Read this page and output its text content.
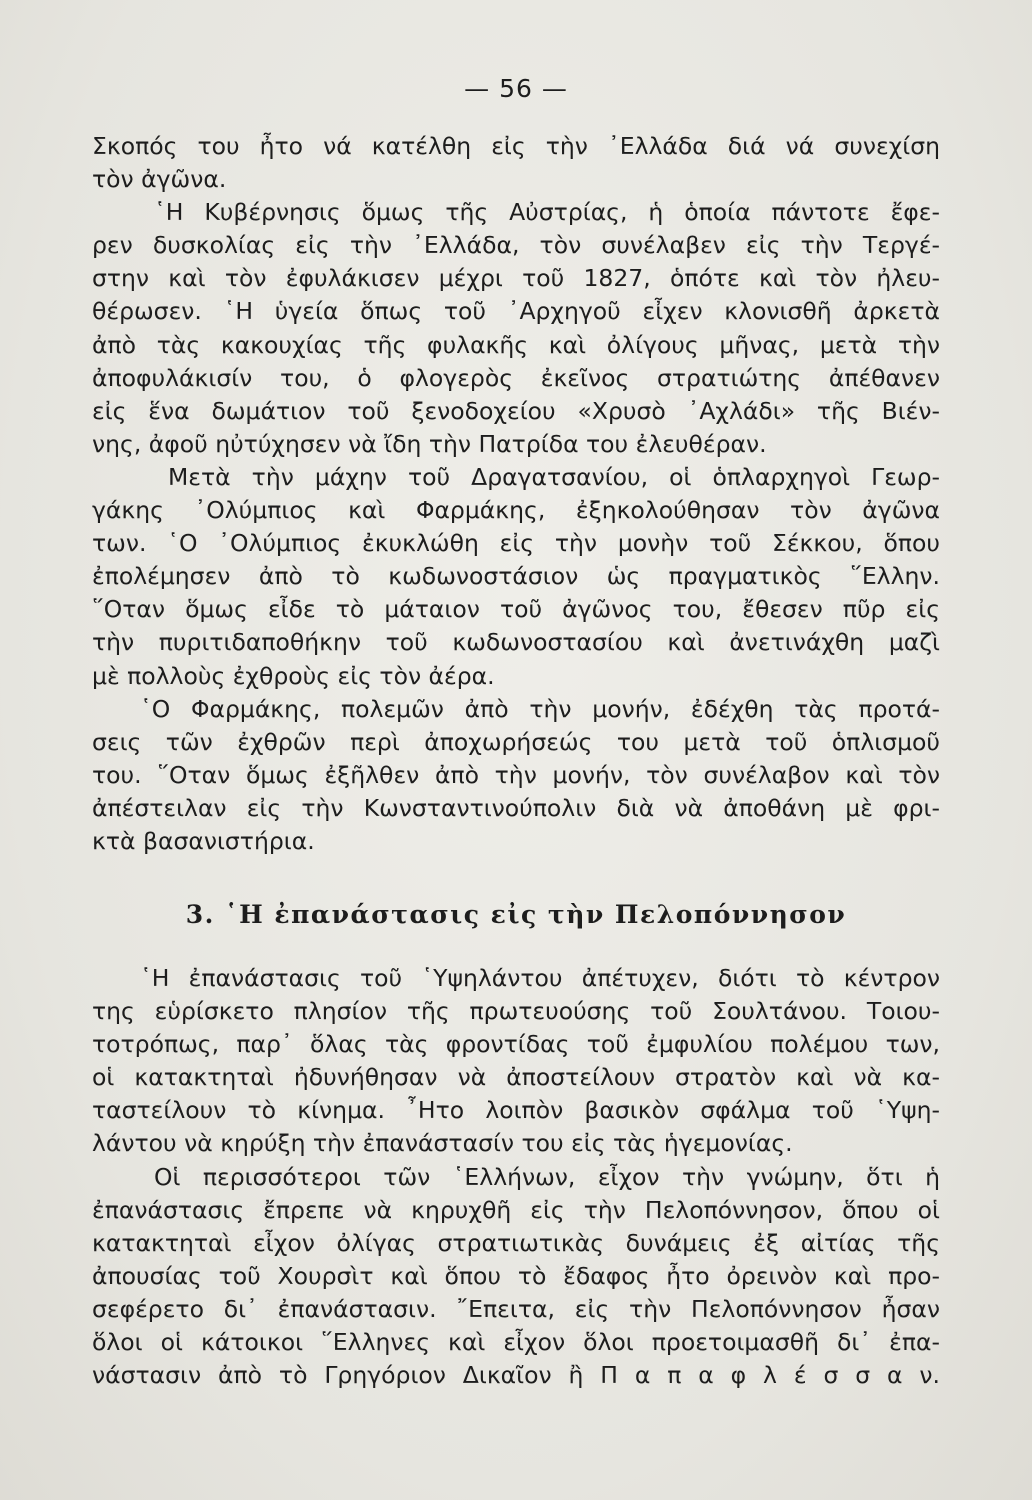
— 56 —
Σκοπός του ἦτο νά κατέλθη εἰς τὴν ᾽Ελλάδα διά νά συνεχίση
τὸν ἀγῶνα.
῾Η Κυβέρνησις ὅμως τῆς Αὐστρίας, ἡ ὁποία πάντοτε ἔφε-
ρεν δυσκολίας εἰς τὴν ᾽Ελλάδα, τὸν συνέλαβεν εἰς τὴν Τεργέ-
στην καὶ τὸν ἐφυλάκισεν μέχρι τοῦ 1827, ὁπότε καὶ τὸν ἠλευ-
θέρωσεν. ῾Η ὑγεία ὅπως τοῦ ᾽Αρχηγοῦ εἶχεν κλονισθῆ ἀρκετὰ
ἀπὸ τὰς κακουχίας τῆς φυλακῆς καὶ ὀλίγους μῆνας, μετὰ τὴν
ἀποφυλάκισίν του, ὁ φλογερὸς ἐκεῖνος στρατιώτης ἀπέθανεν
εἰς ἕνα δωμάτιον τοῦ ξενοδοχείου «Χρυσὸ ᾽Αχλάδι» τῆς Βιέν-
νης, ἀφοῦ ηὐτύχησεν νὰ ἴδη τὴν Πατρίδα του ἐλευθέραν.
Μετὰ τὴν μάχην τοῦ Δραγατσανίου, οἱ ὁπλαρχηγοὶ Γεωρ-
γάκης ᾽Ολύμπιος καὶ Φαρμάκης, ἐξηκολούθησαν τὸν ἀγῶνα
των. ῾Ο ᾽Ολύμπιος ἐκυκλώθη εἰς τὴν μονὴν τοῦ Σέκκου, ὅπου
ἐπολέμησεν ἀπὸ τὸ κωδωνοστάσιον ὡς πραγματικὸς ῞Ελλην.
῞Οταν ὅμως εἶδε τὸ μάταιον τοῦ ἀγῶνος του, ἔθεσεν πῦρ εἰς
τὴν πυριτιδαποθήκην τοῦ κωδωνοστασίου καὶ ἀνετινάχθη μαζὶ
μὲ πολλοὺς ἐχθροὺς εἰς τὸν ἀέρα.
῾Ο Φαρμάκης, πολεμῶν ἀπὸ τὴν μονήν, ἐδέχθη τὰς προτά-
σεις τῶν ἐχθρῶν περὶ ἀποχωρήσεώς του μετὰ τοῦ ὁπλισμοῦ
του. ῞Οταν ὅμως ἐξῆλθεν ἀπὸ τὴν μονήν, τὸν συνέλαβον καὶ τὸν
ἀπέστειλαν εἰς τὴν Κωνσταντινούπολιν διὰ νὰ ἀποθάνη μὲ φρι-
κτὰ βασανιστήρια.
3. ῾Η ἐπανάστασις εἰς τὴν Πελοπόννησον
῾Η ἐπανάστασις τοῦ ῾Υψηλάντου ἀπέτυχεν, διότι τὸ κέντρον
της εὑρίσκετο πλησίον τῆς πρωτευούσης τοῦ Σουλτάνου. Τοιου-
τοτρόπως, παρ᾽ ὅλας τὰς φροντίδας τοῦ ἐμφυλίου πολέμου των,
οἱ κατακτηταὶ ἠδυνήθησαν νὰ ἀποστείλουν στρατὸν καὶ νὰ κα-
ταστείλουν τὸ κίνημα. ῏Ητο λοιπὸν βασικὸν σφάλμα τοῦ ῾Υψη-
λάντου νὰ κηρύξη τὴν ἐπανάστασίν του εἰς τὰς ἡγεμονίας.
Οἱ περισσότεροι τῶν ῾Ελλήνων, εἶχον τὴν γνώμην, ὅτι ἡ
ἐπανάστασις ἔπρεπε νὰ κηρυχθῆ εἰς τὴν Πελοπόννησον, ὅπου οἱ
κατακτηταὶ εἶχον ὀλίγας στρατιωτικὰς δυνάμεις ἐξ αἰτίας τῆς
ἀπουσίας τοῦ Χουρσὶτ καὶ ὅπου τὸ ἔδαφος ἦτο ὀρεινὸν καὶ προ-
σεφέρετο δι᾽ ἐπανάστασιν. ῎Επειτα, εἰς τὴν Πελοπόννησον ἦσαν
ὅλοι οἱ κάτοικοι ῞Ελληνες καὶ εἶχον ὅλοι προετοιμασθῆ δι᾽ ἐπα-
νάστασιν ἀπὸ τὸ Γρηγόριον Δικαῖον ἢ Π α π α φ λ έ σ σ α ν.
